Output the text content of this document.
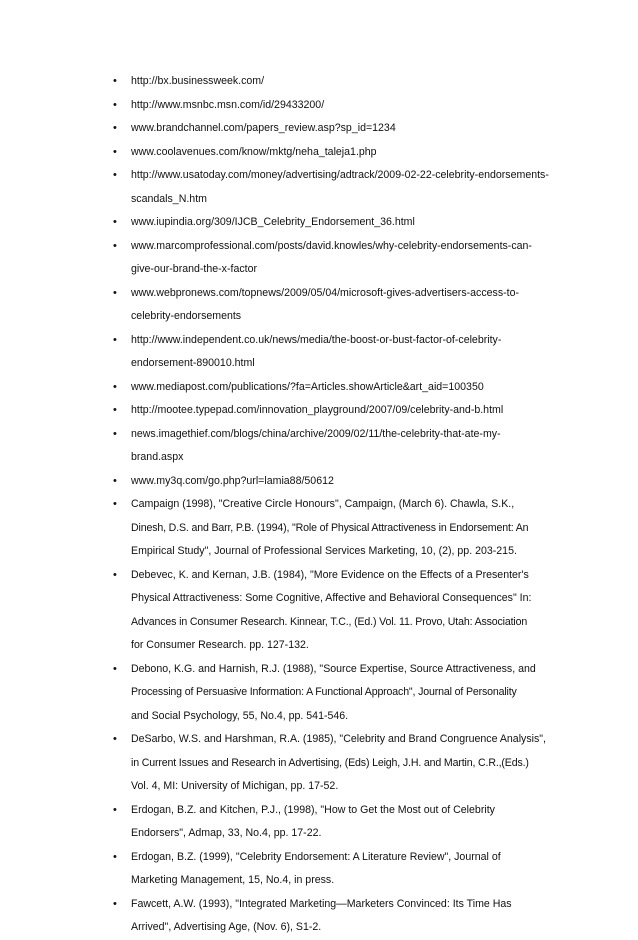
• http://bx.businessweek.com/
• http://www.msnbc.msn.com/id/29433200/
• www.brandchannel.com/papers_review.asp?sp_id=1234
• www.coolavenues.com/know/mktg/neha_taleja1.php
• http://www.usatoday.com/money/advertising/adtrack/2009-02-22-celebrity-endorsements-
scandals_N.htm
• www.iupindia.org/309/IJCB_Celebrity_Endorsement_36.html
• www.marcomprofessional.com/posts/david.knowles/why-celebrity-endorsements-can-
give-our-brand-the-x-factor
• www.webpronews.com/topnews/2009/05/04/microsoft-gives-advertisers-access-to-
celebrity-endorsements
• http://www.independent.co.uk/news/media/the-boost-or-bust-factor-of-celebrity-
endorsement-890010.html
• www.mediapost.com/publications/?fa=Articles.showArticle&art_aid=100350
• http://mootee.typepad.com/innovation_playground/2007/09/celebrity-and-b.html
• news.imagethief.com/blogs/china/archive/2009/02/11/the-celebrity-that-ate-my-
brand.aspx
• www.my3q.com/go.php?url=lamia88/50612
• Campaign (1998), "Creative Circle Honours", Campaign, (March 6). Chawla, S.K.,
Dinesh, D.S. and Barr, P.B. (1994), "Role of Physical Attractiveness in Endorsement: An
Empirical Study", Journal of Professional Services Marketing, 10, (2), pp. 203-215.
• Debevec, K. and Kernan, J.B. (1984), "More Evidence on the Effects of a Presenter's
Physical Attractiveness: Some Cognitive, Affective and Behavioral Consequences" In:
Advances in Consumer Research. Kinnear, T.C., (Ed.) Vol. 11. Provo, Utah: Association
for Consumer Research. pp. 127-132.
• Debono, K.G. and Harnish, R.J. (1988), "Source Expertise, Source Attractiveness, and
Processing of Persuasive Information: A Functional Approach", Journal of Personality
and Social Psychology, 55, No.4, pp. 541-546.
• DeSarbo, W.S. and Harshman, R.A. (1985), "Celebrity and Brand Congruence Analysis",
in Current Issues and Research in Advertising, (Eds) Leigh, J.H. and Martin, C.R.,(Eds.)
Vol. 4, MI: University of Michigan, pp. 17-52.
• Erdogan, B.Z. and Kitchen, P.J., (1998), "How to Get the Most out of Celebrity
Endorsers", Admap, 33, No.4, pp. 17-22.
• Erdogan, B.Z. (1999), "Celebrity Endorsement: A Literature Review", Journal of
Marketing Management, 15, No.4, in press.
• Fawcett, A.W. (1993), "Integrated Marketing—Marketers Convinced: Its Time Has
Arrived", Advertising Age, (Nov. 6), S1-2.
